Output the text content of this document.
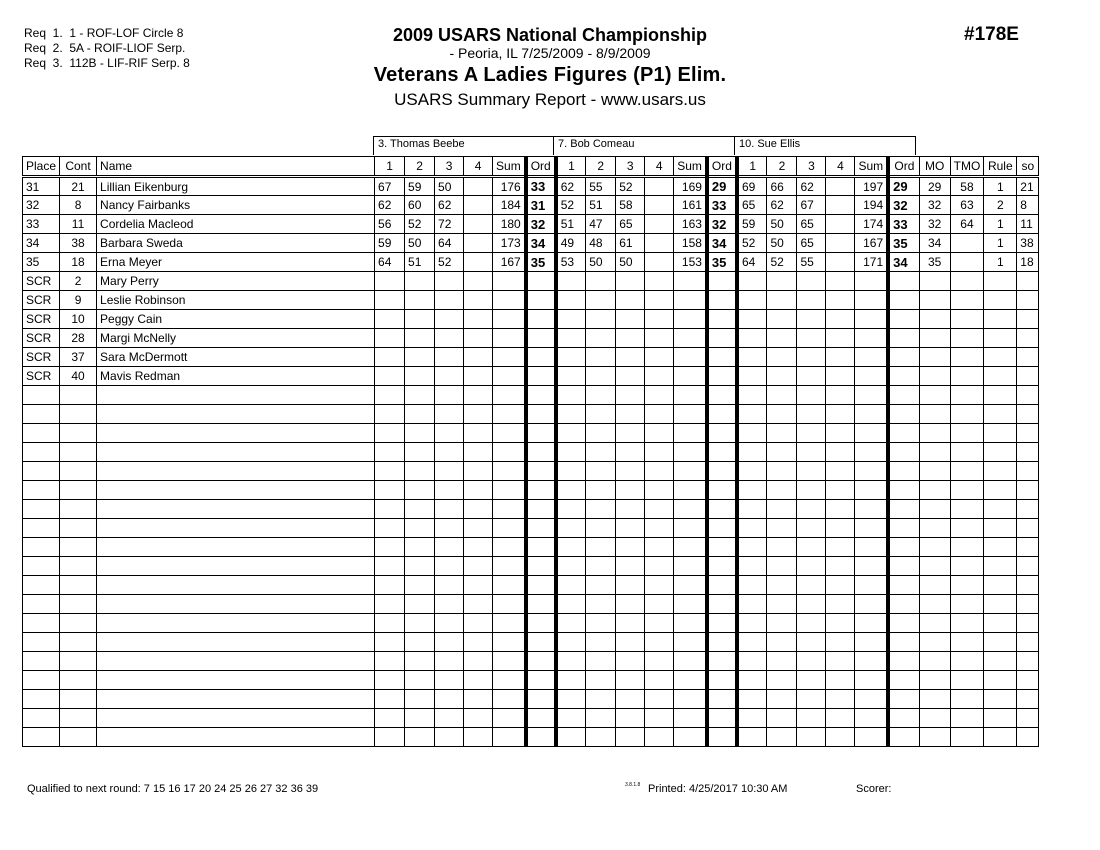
Req  1.  1 - ROF-LOF Circle 8
Req  2.  5A - ROIF-LIOF Serp.
Req  3.  112B - LIF-RIF Serp. 8
2009 USARS National Championship
- Peoria, IL 7/25/2009 - 8/9/2009
Veterans A Ladies Figures (P1) Elim.
USARS Summary Report - www.usars.us
#178E
3. Thomas Beebe	7. Bob Comeau	10. Sue Ellis
Place	Cont	Name	1	2	3	4	Sum	Ord	1	2	3	4	Sum	Ord	1	2	3	4	Sum	Ord	MO	TMO	Rule	so
31	21	Lillian Eikenburg	67	59	50		176	33	62	55	52		169	29	69	66	62		197	29	29	58	1	21
32	8	Nancy Fairbanks	62	60	62		184	31	52	51	58		161	33	65	62	67		194	32	32	63	2	8
33	11	Cordelia Macleod	56	52	72		180	32	51	47	65		163	32	59	50	65		174	33	32	64	1	11
34	38	Barbara Sweda	59	50	64		173	34	49	48	61		158	34	52	50	65		167	35	34		1	38
35	18	Erna Meyer	64	51	52		167	35	53	50	50		153	35	64	52	55		171	34	35		1	18
SCR	2	Mary Perry																						
SCR	9	Leslie Robinson																						
SCR	10	Peggy Cain																						
SCR	28	Margi McNelly																						
SCR	37	Sara McDermott																						
SCR	40	Mavis Redman																						

Qualified to next round: 7 15 16 17 20 24 25 26 27 32 36 39	3.8.1.8 Printed: 4/25/2017 10:30 AM	Scorer:
